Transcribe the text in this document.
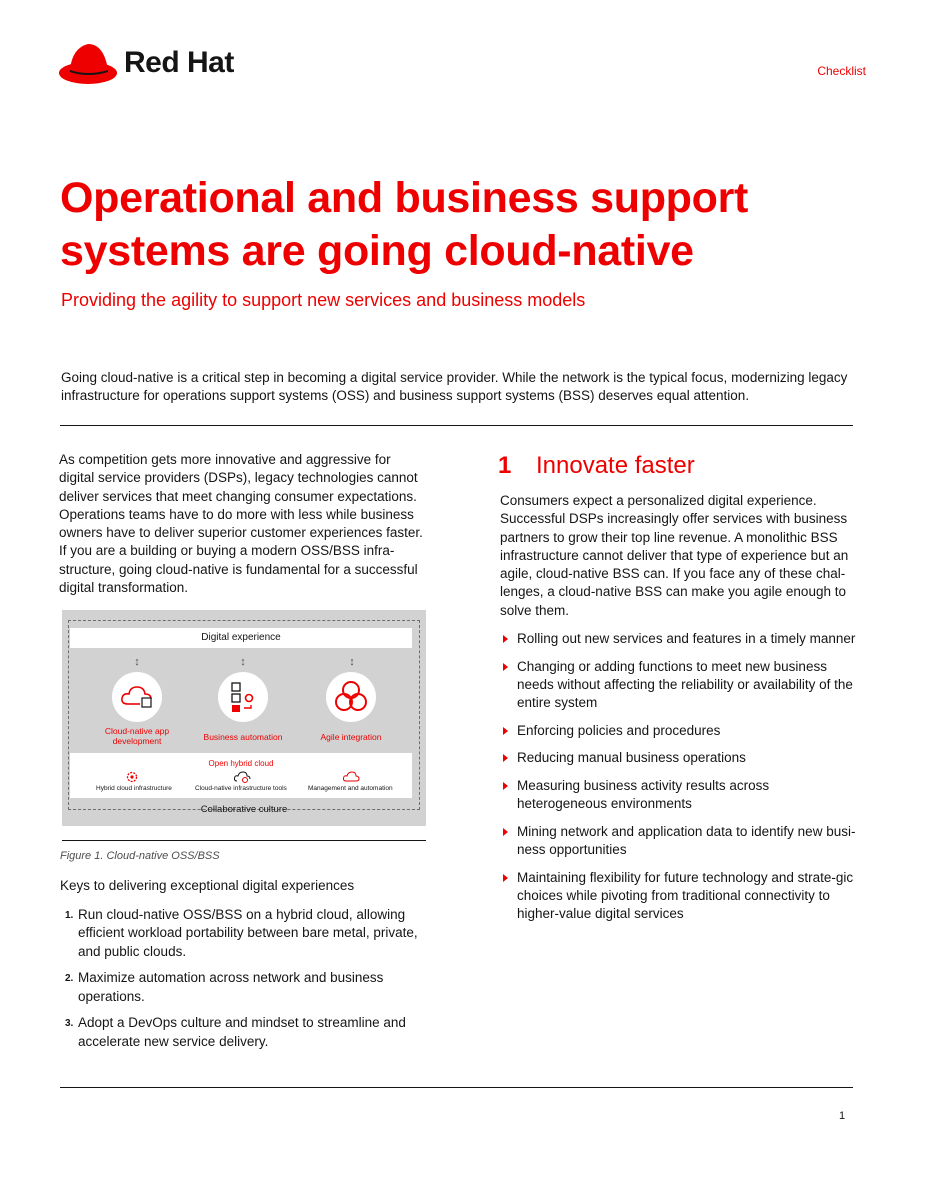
Red Hat	Checklist
Operational and business support systems are going cloud-native
Providing the agility to support new services and business models
Going cloud-native is a critical step in becoming a digital service provider. While the network is the typical focus, modernizing legacy infrastructure for operations support systems (OSS) and business support systems (BSS) deserves equal attention.
As competition gets more innovative and aggressive for digital service providers (DSPs), legacy technologies cannot deliver services that meet changing consumer expectations. Operations teams have to do more with less while business owners have to deliver superior customer experiences faster. If you are a building or buying a modern OSS/BSS infra-structure, going cloud-native is fundamental for a successful digital transformation.
Digital experience
↕	↕	↕
Cloud-native app development	Business automation	Agile integration
Open hybrid cloud
Hybrid cloud infrastructure	Cloud-native infrastructure tools	Management and automation
Collaborative culture
Figure 1. Cloud-native OSS/BSS
Keys to delivering exceptional digital experiences
1. Run cloud-native OSS/BSS on a hybrid cloud, allowing efficient workload portability between bare metal, private, and public clouds.
2. Maximize automation across network and business operations.
3. Adopt a DevOps culture and mindset to streamline and accelerate new service delivery.
1 Innovate faster
Consumers expect a personalized digital experience. Successful DSPs increasingly offer services with business partners to grow their top line revenue. A monolithic BSS infrastructure cannot deliver that type of experience but an agile, cloud-native BSS can. If you face any of these chal-lenges, a cloud-native BSS can make you agile enough to solve them.
Rolling out new services and features in a timely manner
Changing or adding functions to meet new business needs without affecting the reliability or availability of the entire system
Enforcing policies and procedures
Reducing manual business operations
Measuring business activity results across heterogeneous environments
Mining network and application data to identify new busi-ness opportunities
Maintaining flexibility for future technology and strate-gic choices while pivoting from traditional connectivity to higher-value digital services
1
